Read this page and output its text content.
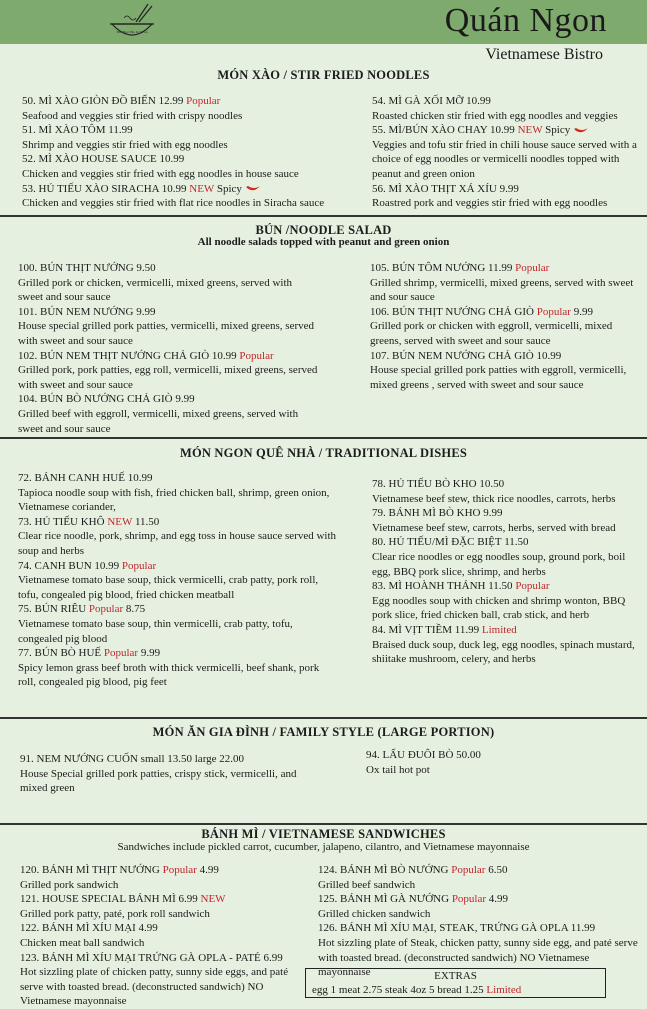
The Best Pho In Town	Quán Ngon
Vietnamese Bistro
MÓN XÀO / STIR FRIED NOODLES
50. MÌ XÀO GIÒN ĐỒ BIỂN 12.99 Popular
Seafood and veggies stir fried with crispy noodles
51. MÌ XÀO TÔM 11.99
Shrimp and veggies stir fried with egg noodles
52. MÌ XÀO HOUSE SAUCE 10.99
Chicken and veggies stir fried with egg noodles in house sauce
53. HỦ TIẾU XÀO SIRACHA 10.99 NEW Spicy
Chicken and veggies stir fried with flat rice noodles in Siracha sauce
54. MÌ GÀ XỐI MỠ 10.99
Roasted chicken stir fried with egg noodles and veggies
55. MÌ/BÚN XÀO CHAY 10.99 NEW Spicy
Veggies and tofu stir fried in chili house sauce served with a choice of egg noodles or vermicelli noodles topped with peanut and green onion
56. MÌ XÀO THỊT XÁ XÍU 9.99
Roastred pork and veggies stir fried with egg noodles
BÚN /NOODLE SALAD
All noodle salads topped with peanut and green onion
100. BÚN THỊT NƯỚNG 9.50
Grilled pork or chicken, vermicelli, mixed greens, served with sweet and sour sauce
101. BÚN NEM NƯỚNG 9.99
House special grilled pork patties, vermicelli, mixed greens, served with sweet and sour sauce
102. BÚN NEM THỊT NƯỚNG CHẢ GIÒ 10.99 Popular
Grilled pork, pork patties, egg roll, vermicelli, mixed greens, served with sweet and sour sauce
104. BÚN BÒ NƯỚNG CHẢ GIÒ 9.99
Grilled beef with eggroll, vermicelli, mixed greens, served with sweet and sour sauce
105. BÚN TÔM NƯỚNG 11.99 Popular
Grilled shrimp, vermicelli, mixed greens, served with sweet and sour sauce
106. BÚN THỊT NƯỚNG CHẢ GIÒ Popular 9.99
Grilled pork or chicken with eggroll, vermicelli, mixed greens, served with sweet and sour sauce
107. BÚN NEM NƯỚNG CHẢ GIÒ 10.99
House special grilled pork patties with eggroll, vermicelli, mixed greens , served with sweet and sour sauce
MÓN NGON QUÊ NHÀ / TRADITIONAL DISHES
72. BÁNH CANH HUẾ 10.99
Tapioca noodle soup with fish, fried chicken ball, shrimp, green onion, Vietnamese coriander,
73. HỦ TIẾU KHÔ NEW 11.50
Clear rice noodle, pork, shrimp, and egg toss in house sauce served with soup and herbs
74. CANH BUN 10.99 Popular
Vietnamese tomato base soup, thick vermicelli, crab patty, pork roll, tofu, congealed pig blood, fried chicken meatball
75. BÚN RIÊU Popular 8.75
Vietnamese tomato base soup, thin vermicelli, crab patty, tofu, congealed pig blood
77. BÚN BÒ HUẾ Popular 9.99
Spicy lemon grass beef broth with thick vermicelli, beef shank, pork roll, congealed pig blood, pig feet
78. HỦ TIẾU BÒ KHO 10.50
Vietnamese beef stew, thick rice noodles, carrots, herbs
79. BÁNH MÌ BÒ KHO 9.99
Vietnamese beef stew, carrots, herbs, served with bread
80. HỦ TIẾU/MÌ ĐẶC BIỆT 11.50
Clear rice noodles or egg noodles soup, ground pork, boil egg, BBQ pork slice, shrimp, and herbs
83. MÌ HOÀNH THÁNH 11.50 Popular
Egg noodles soup with chicken and shrimp wonton, BBQ pork slice, fried chicken ball, crab stick, and herb
84. MÌ VỊT TIỀM 11.99 Limited
Braised duck soup, duck leg, egg noodles, spinach mustard, shiitake mushroom, celery, and herbs
MÓN ĂN GIA ĐÌNH / FAMILY STYLE (LARGE PORTION)
91. NEM NƯỚNG CUỐN small 13.50 large 22.00
House Special grilled pork patties, crispy stick, vermicelli, and mixed green
94. LẨU ĐUÔI BÒ 50.00
Ox tail hot pot
BÁNH MÌ / VIETNAMESE SANDWICHES
Sandwiches include pickled carrot, cucumber, jalapeno, cilantro, and Vietnamese mayonnaise
120. BÁNH MÌ THỊT NƯỚNG Popular 4.99
Grilled pork sandwich
121. HOUSE SPECIAL BÁNH MÌ 6.99 NEW
Grilled pork patty, paté, pork roll sandwich
122. BÁNH MÌ XÍU MẠI 4.99
Chicken meat ball sandwich
123. BÁNH MÌ XÍU MẠI TRỨNG GÀ OPLA - PATÉ 6.99
Hot sizzling plate of chicken patty, sunny side eggs, and paté serve with toasted bread. (deconstructed sandwich) NO Vietnamese mayonnaise
124. BÁNH MÌ BÒ NƯỚNG Popular 6.50
Grilled beef sandwich
125. BÁNH MÌ GÀ NƯỚNG Popular 4.99
Grilled chicken sandwich
126. BÁNH MÌ XÍU MẠI, STEAK, TRỨNG GÀ OPLA 11.99
Hot sizzling plate of Steak, chicken patty, sunny side egg, and paté serve with toasted bread. (deconstructed sandwich) NO Vietnamese mayonnaise	EXTRAS
egg 1 meat 2.75 steak 4oz 5 bread 1.25 Limited
